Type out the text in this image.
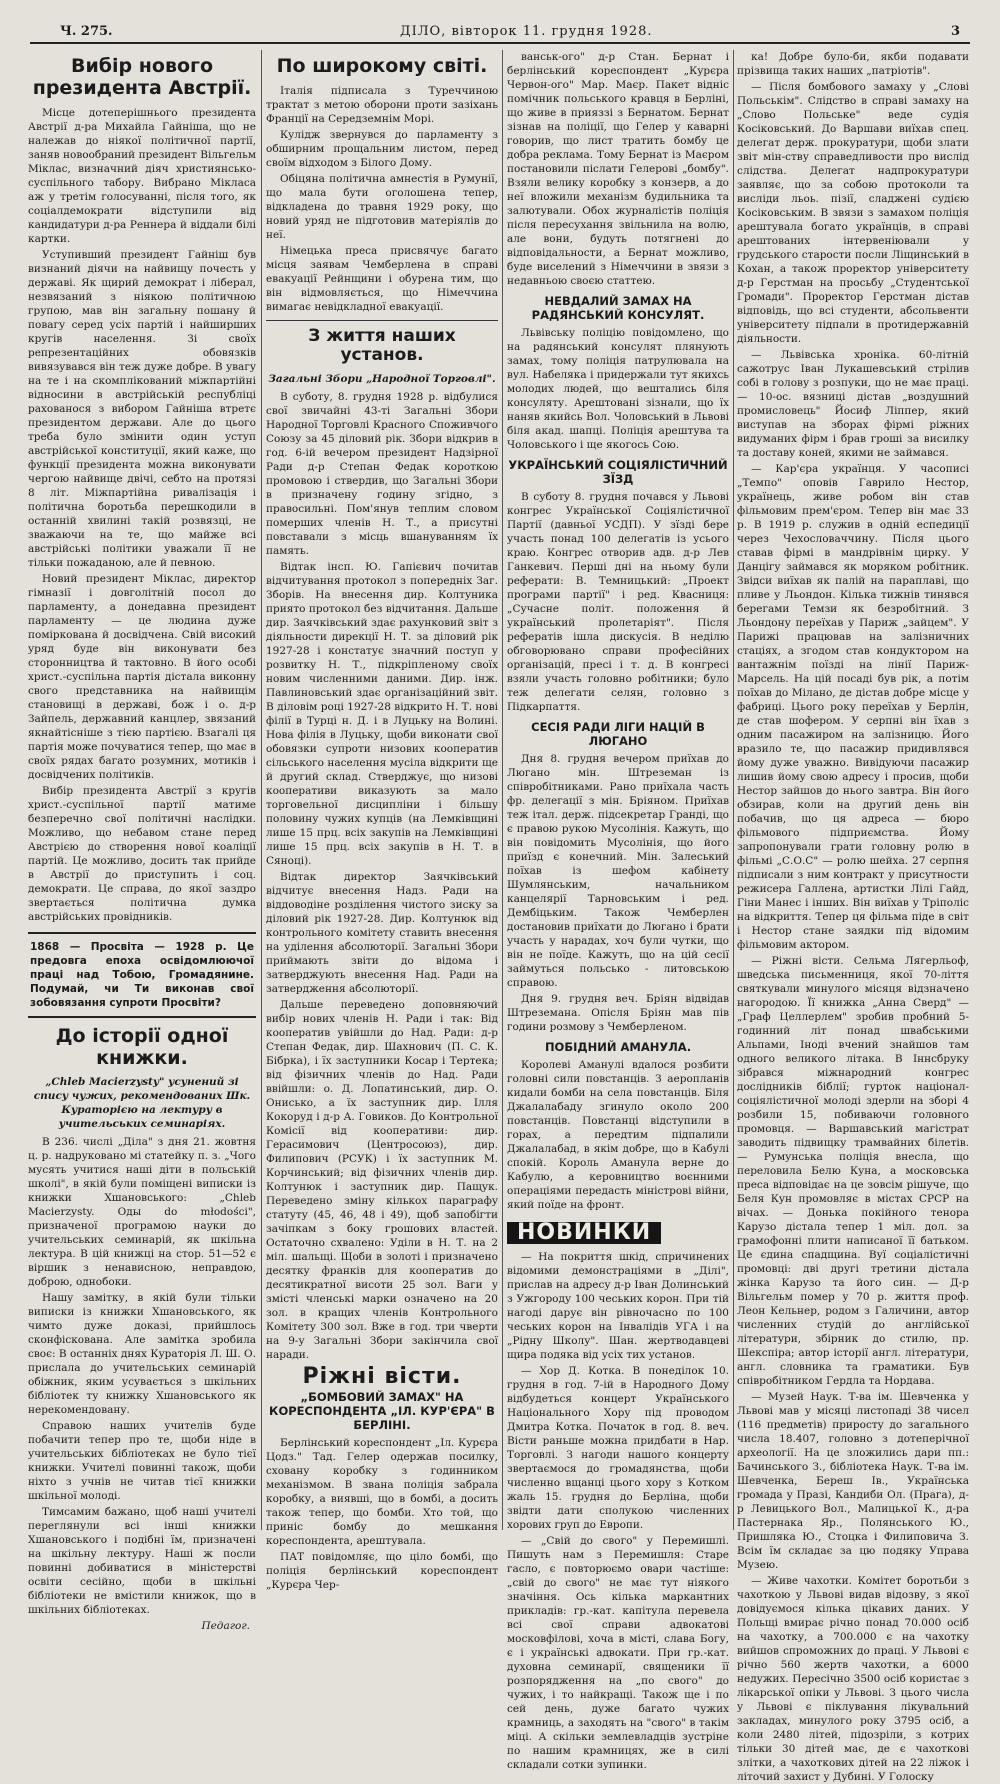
Ч. 275.	ДІЛО, вівторок 11. грудня 1928.	3
Вибір нового президента Австрії.

Місце дотеперішнього президента Австрії д-ра Михайла Гайніша, що не належав до ніякої політичної партії, заняв новообраний президент Вільгельм Міклас, визначний діяч християнсько-суспільного табору. Вибрано Мікласа аж у третім голосуванні, після того, як соціалдемократи відступили від кандидатури д-ра Реннера й віддали білі картки.

Уступивший президент Гайніш був визнаний діячи на найвищу почесть у державі. Як щирий демократ і ліберал, незвязаний з ніякою політичною групою, мав він загальну пошану й повагу серед усіх партій і найширших кругів населення. Зі своїх репрезентаційних обовязків вивязувався він теж дуже добре. В увагу на те і на скомплікований міжпартійні відносини в австрійській республіці рахованося з вибором Гайніша втретє президентом держави. Але до цього треба було змінити один уступ австрійської конституції, який каже, що функції президента можна виконувати чергою найвище двічі, себто на протязі 8 літ. Міжпартійна ривалізація і політична боротьба перешкодили в останній хвилині такій розвязці, не зважаючи на те, що майже всі австрійські політики уважали її не тільки пожаданою, але й певною.

Новий президент Міклас, директор гімназії і довголітній посол до парламенту, а донедавна президент парламенту — це людина дуже поміркована й досвідчена. Свій високий уряд буде він виконувати без сторонництва й тактовно. В його особі христ.-суспільна партія дістала виконну свого представника на найвищім становищі в державі, бож і о. д-р Зайпель, державний канцлер, звязаний якнайтісніше з тією партією. Взагалі ця партія може почуватися тепер, що має в своїх рядах багато розумних, мотиків і досвідчених політиків.

Вибір президента Австрії з кругів христ.-суспільної партії матиме безперечно свої політичні наслідки. Можливо, що небавом стане перед Австрією до створення нової коаліції партій. Це можливо, досить так прийде в Австрії до приступить і соц. демократи. Це справа, до якої заздро звертається політична думка австрійських провідників.

1868 — Просвіта — 1928 р. Це предовга епоха освідомлюючої праці над Тобою, Громадянине. Подумай, чи Ти виконав свої зобовязання супроти Просвіти?
До історії одної книжки.
„Chleb Macierzysty" усунений зі спису чужих, рекомендованих Шк. Кураторією на лектуру в учительських семинаріях.

В 236. числі „Діла" з дня 21. жовтня ц. р. надруковано мі статейку п. з. „Чого мусять учитися наші діти в польській школі", в якій були поміщені виписки із книжки Хшановського: „Chleb Macierzysty. Оды do młodości", призначеної програмою науки до учительських семинарій, як шкільна лектура. В цій книжці на стор. 51—52 є віршик з ненависною, неправдою, доброю, однобоки.

Нашу замітку, в якій були тільки виписки із книжки Хшановського, як чимто дуже доказі, прийшлось сконфіскована. Але замітка зробила своє: В останніх днях Кураторія Л. Ш. О. прислала до учительських семинарій обіжник, яким усувається з шкільних бібліотек ту книжку Хшановського як нерекомендовану.

Справою наших учителів буде побачити тепер про те, щоби ніде в учительських бібліотеках не було тієї книжки. Учителі повинні також, щоби ніхто з учнів не читав тієї книжки шкільної молоді.

Тимсамим бажано, щоб наші учителі переглянули всі інші книжки Хшановського і подібні їм, призначені на шкільну лектуру. Наші ж посли повинні добиватися в міністерстві освіти сесійно, щоби в шкільні бібліотеки не вмістили книжок, що в шкільних бібліотеках.

Педагог.
По широкому світі.

Італія підписала з Туреччиною трактат з метою оборони проти зазіхань Франції на Середземнім Морі.

Кулідж звернувся до парламенту з обширним прощальним листом, перед своїм відходом з Білого Дому.

Обіцяна політична амнестія в Румунії, що мала бути оголошена тепер, відкладена до травня 1929 року, що новий уряд не підготовив матеріялів до неї.

Німецька преса присвячує багато місця заявам Чемберлена в справі евакуації Рейнщини і обурена тим, що він відмовляється, що Німеччина вимагає невідкладної евакуації.

З життя наших установ.
Загальні Збори „Народної Торговлі".

В суботу, 8. грудня 1928 р. відбулися свої звичайні 43-ті Загальні Збори Народної Торговлі Красного Споживчого Союзу за 45 діловий рік. Збори відкрив в год. 6-ій вечером президент Надзірної Ради д-р Степан Федак короткою промовою і ствердив, що Загальні Збори в призначену годину згідно, з правосильні. Пом'янув теплим словом померших членів Н. Т., а присутні повставали з місць вшануванням їх память.

Відтак інсп. Ю. Гапієвич почитав відчитування протокол з попередніх Заг. Зборів. На внесення дир. Колтуника приято протокол без відчитання. Дальше дир. Заячківський здає рахунковий звіт з діяльности дирекції Н. Т. за діловий рік 1927-28 і констатує значний поступ у розвитку Н. Т., підкріпленому своїх новим численними даними. Дир. інж. Павлиновський здає організаційний звіт. В діловім році 1927-28 відкрито Н. Т. нові філії в Турці н. Д. і в Луцьку на Волині. Нова філія в Луцьку, щоби виконати свої обовязки супроти низових кооператив сільського населення мусіла відкрити ще й другий склад. Стверджує, що низові кооперативи виказують за мало торговельної дисципліни і більшу половину чужих купців (на Лемківщині лише 15 прц. всіх закупів на Лемківщині лише 15 прц. всіх закупів в Н. Т. в Сяноці).

Відтак директор Заячківський відчитує внесення Надз. Ради на віддоводіне розділення чистого зиску за діловий рік 1927-28. Дир. Колтунюк від контрольного комітету ставить внесення на уділення абсолюторії. Загальні Збори приймають звіти до відома і затверджують внесення Над. Ради на затвердження абсолюторії.

Дальше переведено доповняючий вибір нових членів Н. Ради і так: Від кооператив увійшли до Над. Ради: д-р Степан Федак, дир. Шахнович (П. С. К. Бібрка), і їх заступники Косар і Тертека; від фізичних членів до Над. Ради ввійшли: о. Д. Лопатинський, дир. О. Онисько, а їх заступник дир. Ілля Кокоруд і д-р А. Говиков. До Контрольної Комісії від кооперативи: дир. Герасимович (Центросоюз), дир. Филипович (РСУК) і їх заступник М. Корчинський; від фізичних членів дир. Колтунюк і заступник дир. Пащук. Переведено зміну кількох параграфу статуту (45, 46, 48 і 49), щоб запобігти зачіпкам з боку грошових властей. Остаточно схвалено: Уділи в Н. Т. на 2 міл. шальщі. Щоби в золоті і призначено десятку франків для кооператив до десятикратної висоти 25 зол. Ваги у змісті членські марки означено на 20 зол. в кращих членів Контрольного Комітету 300 зол. Вже в год. три чверти на 9-у Загальні Збори закінчила свої наради.

Ріжні вісти.
„БОМБОВИЙ ЗАМАХ" НА КОРЕСПОНДЕНТА „ІЛ. КУР'ЄРА" В БЕРЛІНІ.

Берлінський кореспондент „Іл. Курєра Цодз." Тад. Гелер одержав посилку, сховану коробку з годинником механізмом. В звана поліція забрала коробку, а виявші, що в бомбі, а досить також тепер, що бомби. Хто той, що приніс бомбу до мешкання кореспондента, арештувала.

ПАТ повідомляє, що ціло бомбі, що поліція берлінський кореспондент „Курєра Чер-

ванськ-ого" д-р Стан. Бернат і берлінський кореспондент „Курєра Червон-ого" Мар. Маєр. Пакет відніс помічник польського кравця в Берліні, що живе в прияззі з Бернатом. Бернат зізнав на поліції, що Гелер у каварні говорив, що лист тратить бомбу це добра реклама. Тому Бернат із Маєром постановили післати Гелерові „бомбу". Взяли велику коробку з конзерв, а до неї вложили механізм будильника та залютували. Обох журналістів поліція після пересухання звільнила на волю, але вони, будуть потягнені до відповідальности, а Бернат можливо, буде виселений з Німеччини в звязи з недавньою своєю статтею.

НЕВДАЛИЙ ЗАМАХ НА РАДЯНСЬКИЙ КОНСУЛЯТ.

Львівську поліцію повідомлено, що на радянський консулят плянують замах, тому поліція патрулювала на вул. Набеляка і придержали тут якихсь молодих людей, що вештались біля консуляту. Арештовані зізнали, що їх наняв якийсь Вол. Чоловський в Львові біля акад. шапці. Поліція арештува та Чоловського і ще якогось Сою.

УКРАЇНСЬКИЙ СОЦІЯЛІСТИЧНИЙ ЗЇЗД

В суботу 8. грудня почався у Львові конгрес Української Соціялістичної Партії (давньої УСДП). У зїзді бере участь понад 100 делегатів із усього краю. Конгрес отворив адв. д-р Лев Ганкевич. Перші дні на ньому були реферати: В. Темницький: „Проект програми партії" і ред. Квасниця: „Сучасне політ. положення й український пролетаріят". Після рефератів ішла дискусія. В неділю обговорювано справи професійних організацій, пресі і т. д. В конгресі взяли участь головно робітники; було теж делегати селян, головно з Підкарпаття.

СЕСІЯ РАДИ ЛІГИ НАЦІЙ В ЛЮГАНО

Дня 8. грудня вечером приїхав до Люгано мін. Штреземан із співробітниками. Рано приїхала часть фр. делегації з мін. Бріяном. Приїхав теж італ. держ. підсекретар Гранді, що є правою рукою Мусолінія. Кажуть, що він повідомить Мусолінія, що його приїзд є конечний. Мін. Залеський поїхав із шефом кабінету Шумлянським, начальником канцелярії Тарновським і ред. Дембіцьким. Також Чемберлен достановив приїхати до Люгано і брати участь у нарадах, хоч були чутки, що він не поїде. Кажуть, що на цій сесії займуться польсько - литовською справою.

Дня 9. грудня веч. Бріян відвідав Штреземана. Опісля Бріян мав пів години розмову з Чемберленом.

ПОБІДНИЙ АМАНУЛА.

Королеві Аманулі вдалося розбити головні сили повстанців. З аеропланів кидали бомби на села повстанців. Біля Джалалабаду згинуло около 200 повстанців. Повстанці відступили в горах, а передтим підпалили Джалалабад, в якім добре, що в Кабулі спокій. Король Аманула верне до Кабулю, а керовництво воєнними операціями передасть міністрові війни, який поїде на фронт.

НОВИНКИ

— На покриття шкід, спричинених відомими демонстраціями в „Ділі", прислав на адресу д-р Іван Долинський з Ужгороду 100 чеських корон. При тій нагоді дарує він рівночасно по 100 чеських корон на Інвалідів УГА і на „Рідну Школу". Шан. жертводавцеві щира подяка від усіх тих установ.

— Хор Д. Котка. В понеділок 10. грудня в год. 7-ій в Народного Дому відбудеться концерт Українського Національного Хору під проводом Дмитра Котка. Початок в год. 8. веч. Вісти раньше можна придбати в Нар. Торговлі. З нагоди нашого концерту звертаємося до громадянства, щоби численно вщанці цього хору з Котком жаль 15. грудня до Берліна, щоби звідти дати сполукою численних хорових груп до Европи.

— „Свій до свого" у Перемишлі. Пишуть нам з Перемишля: Старе гасло, є повторюємо овари частіше: „свій до свого" не має тут ніякого значіння. Ось кілька маркантних прикладів: гр.-кат. капітула перевела всі свої справи адвокатові московфілові, хоча в місті, слава Богу, є і українські адвокати. При гр.-кат. духовна семинарії, священики її розпорядження на „по свого" до чужих, і то найкращі. Також ще і по сей день, дуже багато чужих крамниць, а заходять на "свого" в такім міці. А скільки землевладців зустріне по нашим крамницях, же в силі складали сотки зупинки.

ка! Добре було-би, якби подавати прізвища таких наших „патріотів".

— Після бомбового замаху у „Слові Польськім". Слідство в справі замаху на „Слово Польське" веде судія Косіковський. До Варшави виїхав спец. делегат держ. прокуратури, щоби злати звіт мін-ству справедливости про вислід слідства. Делегат надпрокуратури заявляє, що за собою протоколи та висліди льоь. пізії, сладжені судією Косіковським. В звязи з замахом поліція арештувала богато українців, в справі арештованих інтервеніювали у грудського старости посли Ліщинський в Кохан, а також проректор університету д-р Герстман на просьбу „Студентської Громади". Проректор Герстман дістав відповідь, що всі студенти, абсольвенти університету підпали в протидержавній діяльности.

— Львівська хроніка. 60-літній сажотрус Іван Лукашевський стрілив собі в голову з розпуки, що не має праці. — 10-ос. вязниці дістав „воздушний промисловець" Йосиф Ліппер, який виступав на зборах фірмі ріжних видуманих фірм і брав гроші за висилку та доставу коней, якими не займався.

— Кар'єра українця. У часописі „Темпо" оповів Гаврило Нестор, українець, живе робом він став фільмовим прем'єром. Тепер він має 33 р. В 1919 р. служив в одній еспедиції через Чехословаччину. Після цього ставав фірмі в мандрівнім цирку. У Данцігу займався як моряком робітник. Звідси виїхав як палій на параплаві, що пливе у Льондон. Кілька тижнів тинявся берегами Темзи як безробітний. З Льондону переїхав у Париж „зайцем". У Парижі працював на залізничних стаціях, а згодом став кондуктором на вантажнім поїзді на лінії Париж-Марсель. На цій посаді був рік, а потім поїхав до Мілано, де дістав добре місце у фабриці. Цього року переїхав у Берлін, де став шофером. У серпні він їхав з одним пасажиром на залізницю. Його вразило те, що пасажир придивлявся йому дуже уважно. Вивідуючи пасажир лишив йому свою адресу і просив, щоби Нестор зайшов до нього завтра. Він його обзирав, коли на другий день він побачив, що ця адреса — бюро фільмового підприємства. Йому запропонували грати головну ролю в фільмі „С.О.С" — ролю шейха. 27 серпня підписали з ним контракт у присутности режисера Галлена, артистки Лілі Гайд, Гіни Манес і інших. Він виїхав у Тріполіс на відкриття. Тепер ця фільма піде в світ і Нестор стане заядки під відомим фільмовим актором.

— Ріжні вісти. Сельма Лягерльоф, шведська письменниця, якої 70-ліття святкували минулого місяця відзначено нагородою. Її книжка „Анна Сверд" — „Граф Целлерлем" зробив пробний 5-годинний літ понад швабськими Альпами, Іноді вчений знайшов там одного великого літака. В Іннсбруку зібрався міжнародний конгрес дослідників біблії; гурток націонал-соціялістичної молоді здерли на зборі 4 розбили 15, побиваючи головного промовця. — Варшавський магістрат заводить підвищку трамвайних білетів. — Румунська поліція внесла, що переловила Белю Куна, а московська преса відповідає на це зовсім рішуче, що Беля Кун промовляє в містах СРСР на вічах. — Донька покійного тенора Карузо дістала тепер 1 міл. дол. за грамофонні плити написаної її батьком. Це єдина спадщина. Вуї соціалістичні промовці: дві другі третини дістала жінка Карузо та його син. — Д-р Вільгельм помер у 70 р. життя проф. Леон Кельнер, родом з Галичини, автор численних студій до англійської літератури, збірник до стилю, пр. Шекспіра; автор історії англ. літератури, англ. словника та граматики. Був співробітником Гердла та Нордава.

— Музей Наук. Т-ва ім. Шевченка у Львові мав у місяці листопаді 38 чисел (116 предметів) приросту до загального числа 18.407, головно з дотеперічної археології. На це зложились дари пп.: Бачинського З., бібліотека Наук. Т-ва ім. Шевченка, Береш Ів., Українська громада у Празі, Кандиби Ол. (Прага), д-р Левицького Вол., Малицької К., д-ра Пастернака Яр., Полянського Ю., Пришляка Ю., Стоцка і Филиповича З. Всім їм складає за цю подяку Управа Музею.

— Живе чахотки. Комітет боротьби з чахоткою у Львові видав відозву, з якої довідуємося кілька цікавих даних. У Польщі вмирає річно понад 70.000 осіб на чахотку, а 700.000 є на чахотку вийшов спроможних до праці. У Львові є річно 560 жертв чахотки, а 6000 недужих. Пересічно 3500 осіб користає з лікарської опіки у Львові. З цього числа у Львові є піклування лікувальний закладах, минулого року 3795 осіб, а коли 2480 літей, підозріли, з котрих тільки 30 дітей має, де є чахоткові злітки, а чахоткових дітей на 22 ліжок і літочий захист у Дубині. У Голоску
